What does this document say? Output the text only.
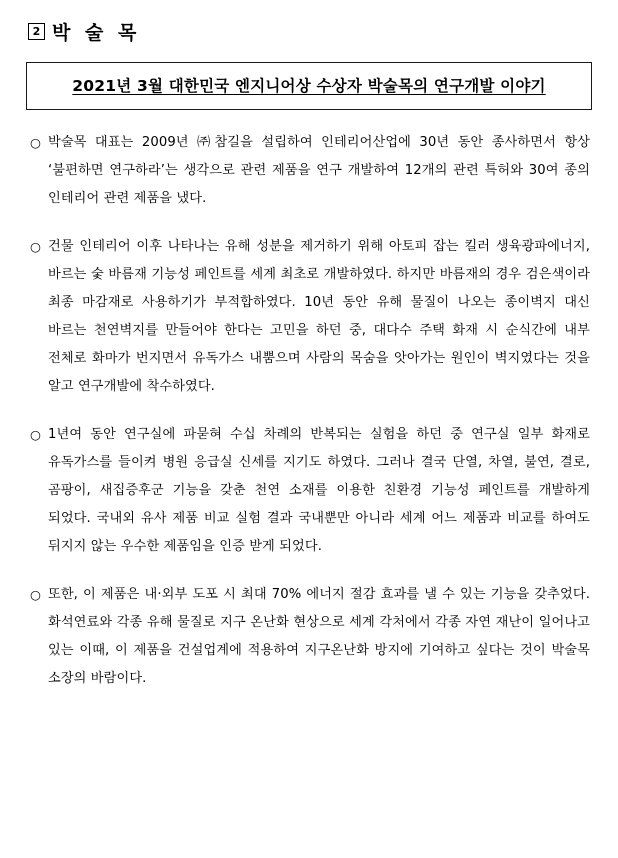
2 박 술 목
2021년 3월 대한민국 엔지니어상 수상자 박술목의 연구개발 이야기
○ 박술목 대표는 2009년 ㈜참길을 설립하여 인테리어산업에 30년 동안 종사하면서 항상 ‘불편하면 연구하라’는 생각으로 관련 제품을 연구 개발하여 12개의 관련 특허와 30여 종의 인테리어 관련 제품을 냈다.
○ 건물 인테리어 이후 나타나는 유해 성분을 제거하기 위해 아토피 잡는 킬러 생육광파에너지, 바르는 숯 바름재 기능성 페인트를 세계 최초로 개발하였다. 하지만 바름재의 경우 검은색이라 최종 마감재로 사용하기가 부적합하였다. 10년 동안 유해 물질이 나오는 종이벽지 대신 바르는 천연벽지를 만들어야 한다는 고민을 하던 중, 대다수 주택 화재 시 순식간에 내부 전체로 화마가 번지면서 유독가스 내뿜으며 사람의 목숨을 앗아가는 원인이 벽지였다는 것을 알고 연구개발에 착수하였다.
○ 1년여 동안 연구실에 파묻혀 수십 차례의 반복되는 실험을 하던 중 연구실 일부 화재로 유독가스를 들이켜 병원 응급실 신세를 지기도 하였다. 그러나 결국 단열, 차열, 불연, 결로, 곰팡이, 새집증후군 기능을 갖춘 천연 소재를 이용한 친환경 기능성 페인트를 개발하게 되었다. 국내외 유사 제품 비교 실험 결과 국내뿐만 아니라 세계 어느 제품과 비교를 하여도 뒤지지 않는 우수한 제품임을 인증 받게 되었다.
○ 또한, 이 제품은 내·외부 도포 시 최대 70% 에너지 절감 효과를 낼 수 있는 기능을 갖추었다. 화석연료와 각종 유해 물질로 지구 온난화 현상으로 세계 각처에서 각종 자연 재난이 일어나고 있는 이때, 이 제품을 건설업계에 적용하여 지구온난화 방지에 기여하고 싶다는 것이 박술목 소장의 바람이다.
